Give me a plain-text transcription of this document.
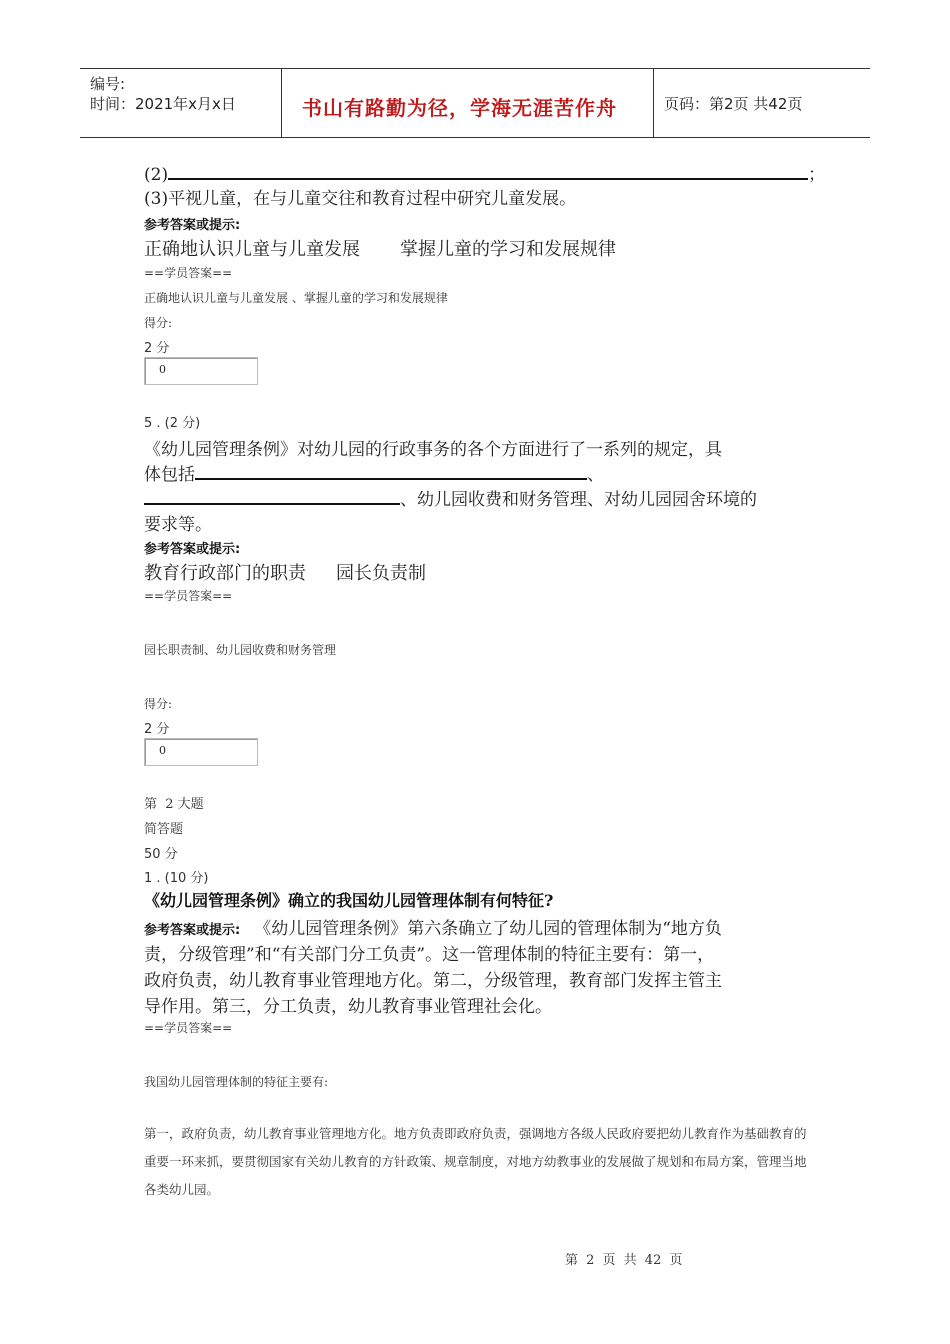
编号:
时间：2021年x月x日	书山有路勤为径，学海无涯苦作舟	页码：第2页 共42页
(2)	；
(3)平视儿童，在与儿童交往和教育过程中研究儿童发展。
参考答案或提示:
正确地认识儿童与儿童发展 掌握儿童的学习和发展规律
==学员答案==
正确地认识儿童与儿童发展 、掌握儿童的学习和发展规律
得分:
2 分
0
5 . (2 分)
《幼儿园管理条例》对幼儿园的行政事务的各个方面进行了一系列的规定，具
体包括	、
、幼儿园收费和财务管理、对幼儿园园舍环境的
要求等。
参考答案或提示:
教育行政部门的职责 园长负责制
==学员答案==
园长职责制、幼儿园收费和财务管理
得分:
2 分
0
第  2 大题
简答题
50 分
1 . (10 分)
《幼儿园管理条例》确立的我国幼儿园管理体制有何特征?
参考答案或提示: 《幼儿园管理条例》第六条确立了幼儿园的管理体制为“地方负
责，分级管理”和“有关部门分工负责”。这一管理体制的特征主要有：第一，
政府负责，幼儿教育事业管理地方化。第二，分级管理，教育部门发挥主管主
导作用。第三，分工负责，幼儿教育事业管理社会化。
==学员答案==
我国幼儿园管理体制的特征主要有:
第一，政府负责，幼儿教育事业管理地方化。地方负责即政府负责，强调地方各级人民政府要把幼儿教育作为基础教育的重要一环来抓，要贯彻国家有关幼儿教育的方针政策、规章制度，对地方幼教事业的发展做了规划和布局方案，管理当地各类幼儿园。
第 2 页 共 42 页
